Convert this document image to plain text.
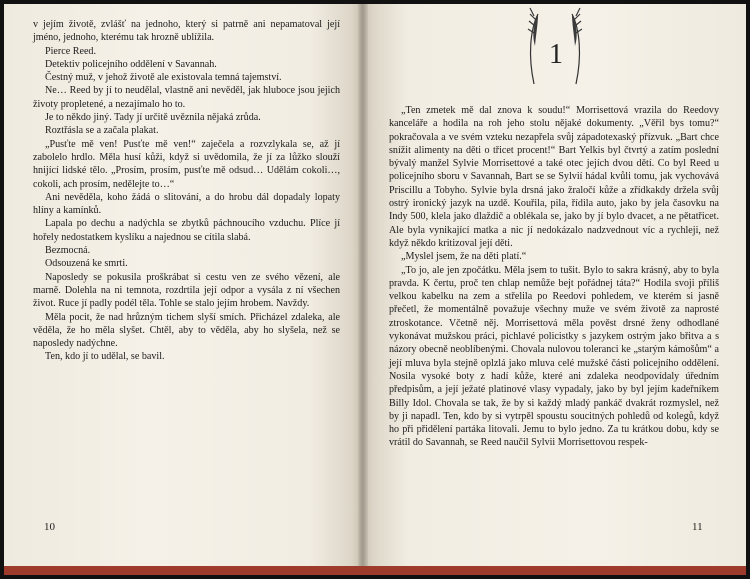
v jejím životě, zvlášť na jednoho, který si patrně ani nepamatoval její jméno, jednoho, kterému tak hrozně ublížila.

Pierce Reed.

Detektiv policejního oddělení v Savannah.

Čestný muž, v jehož životě ale existovala temná tajemství.

Ne… Reed by jí to neudělal, vlastně ani nevěděl, jak hluboce jsou jejich životy propletené, a nezajímalo ho to.

Je to někdo jiný. Tady jí určitě uvěznila nějaká zrůda.

Roztřásla se a začala plakat.

„Pusťte mě ven! Pusťte mě ven!“ zaječela a rozvzlykala se, až jí zabolelo hrdlo. Měla husí kůži, když si uvědomila, že jí za lůžko slouží hnijící lidské tělo. „Prosím, prosím, pusťte mě odsud… Udělám cokoli…, cokoli, ach prosím, nedělejte to…“

Ani nevěděla, koho žádá o slitování, a do hrobu dál dopadaly lopaty hlíny a kamínků.

Lapala po dechu a nadýchla se zbytků páchnoucího vzduchu. Plíce jí hořely nedostatkem kyslíku a najednou se cítila slabá.

Bezmocná.

Odsouzená ke smrti.

Naposledy se pokusila proškrábat si cestu ven ze svého vězení, ale marně. Dolehla na ni temnota, rozdrtila její odpor a vysála z ní všechen život. Ruce jí padly podél těla. Tohle se stalo jejím hrobem. Navždy.

Měla pocit, že nad hrůzným tichem slyší smích. Přicházel zdaleka, ale věděla, že ho měla slyšet. Chtěl, aby to věděla, aby ho slyšela, než se naposledy nadýchne.

Ten, kdo jí to udělal, se bavil.

10
1

„Ten zmetek mě dal znova k soudu!“ Morrisettová vrazila do Reedovy kanceláře a hodila na roh jeho stolu nějaké dokumenty. „Věřil bys tomu?“ pokračovala a ve svém vzteku nezapřela svůj západotexaský přízvuk. „Bart chce snížit alimenty na děti o třicet procent!“ Bart Yelkis byl čtvrtý a zatím poslední bývalý manžel Sylvie Morrisettové a také otec jejích dvou dětí. Co byl Reed u policejního sboru v Savannah, Bart se se Sylvií hádal kvůli tomu, jak vychovává Priscillu a Tobyho. Sylvie byla drsná jako žraločí kůže a zřídkakdy držela svůj ostrý ironický jazyk na uzdě. Kouřila, pila, řídila auto, jako by jela časovku na Indy 500, klela jako dlaždič a oblékala se, jako by jí bylo dvacet, a ne pětatřicet. Ale byla vynikající matka a nic jí nedokázalo nadzvednout víc a rychleji, než když někdo kritizoval její děti.

„Myslel jsem, že na děti platí.“

„To jo, ale jen zpočátku. Měla jsem to tušit. Bylo to sakra krásný, aby to byla pravda. K čertu, proč ten chlap nemůže bejt pořádnej táta?“ Hodila svoji příliš velkou kabelku na zem a střelila po Reedovi pohledem, ve kterém si jasně přečetl, že momentálně považuje všechny muže ve svém životě za naprosté ztroskotance. Včetně něj. Morrisettová měla pověst drsné ženy odhodlané vykonávat mužskou práci, pichlavé policistky s jazykem ostrým jako břitva a s názory obecně neoblíbenými. Chovala nulovou toleranci ke „starým kámošům“ a její mluva byla stejně oplzlá jako mluva celé mužské části policejního oddělení. Nosila vysoké boty z hadí kůže, které ani zdaleka neodpovídaly úředním předpisům, a její ježaté platinové vlasy vypadaly, jako by byl jejím kadeřníkem Billy Idol. Chovala se tak, že by si každý mladý pankáč dvakrát rozmyslel, než by ji napadl. Ten, kdo by si vytrpěl spoustu soucitných pohledů od kolegů, když ho při přidělení partáka litovali. Jemu to bylo jedno. Za tu krátkou dobu, kdy se vrátil do Savannah, se Reed naučil Sylvii Morrisettovou respek-

11
